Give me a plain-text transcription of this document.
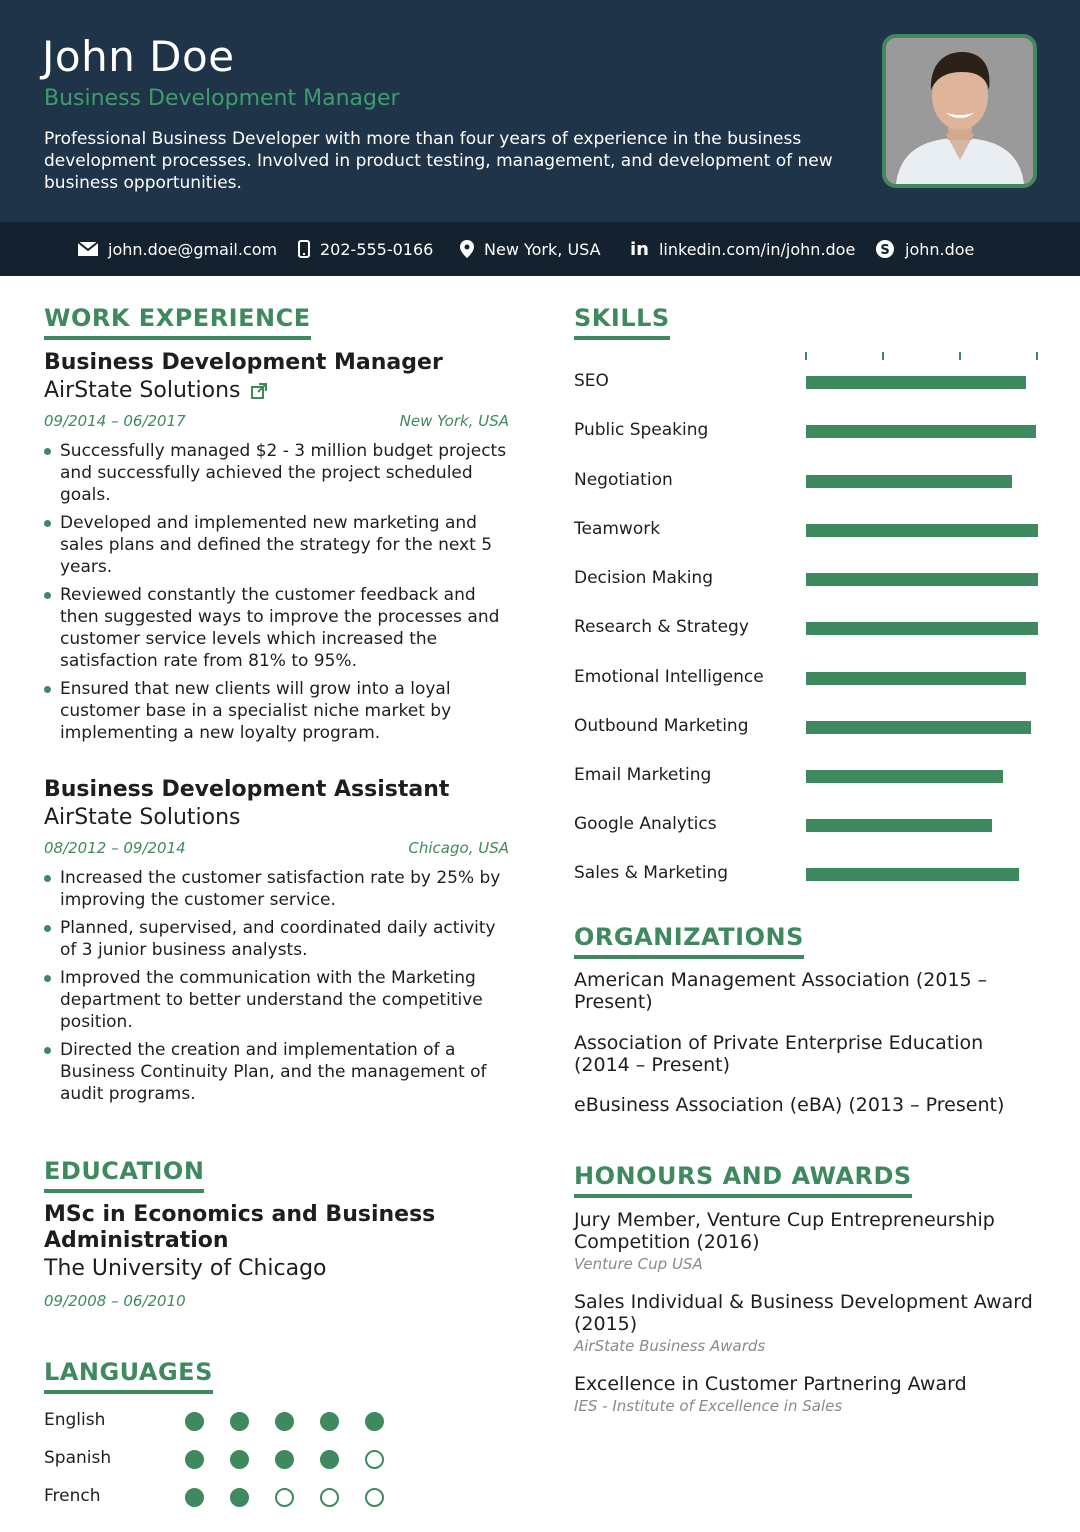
John Doe
Business Development Manager
Professional Business Developer with more than four years of experience in the business development processes. Involved in product testing, management, and development of new business opportunities.
john.doe@gmail.com	202-555-0166	New York, USA in linkedin.com/in/john.doe S john.doe
WORK EXPERIENCE
Business Development Manager
AirState Solutions
09/2014 – 06/2017	New York, USA
Successfully managed $2 - 3 million budget projects and successfully achieved the project scheduled goals.
Developed and implemented new marketing and sales plans and defined the strategy for the next 5 years.
Reviewed constantly the customer feedback and then suggested ways to improve the processes and customer service levels which increased the satisfaction rate from 81% to 95%.
Ensured that new clients will grow into a loyal customer base in a specialist niche market by implementing a new loyalty program.
Business Development Assistant
AirState Solutions
08/2012 – 09/2014	Chicago, USA
Increased the customer satisfaction rate by 25% by improving the customer service.
Planned, supervised, and coordinated daily activity of 3 junior business analysts.
Improved the communication with the Marketing department to better understand the competitive position.
Directed the creation and implementation of a Business Continuity Plan, and the management of audit programs.
EDUCATION
MSc in Economics and Business Administration
The University of Chicago
09/2008 – 06/2010
LANGUAGES
English
Spanish
French
SKILLS
SEO
Public Speaking
Negotiation
Teamwork
Decision Making
Research & Strategy
Emotional Intelligence
Outbound Marketing
Email Marketing
Google Analytics
Sales & Marketing
ORGANIZATIONS
American Management Association (2015 – Present)
Association of Private Enterprise Education (2014 – Present)
eBusiness Association (eBA) (2013 – Present)
HONOURS AND AWARDS
Jury Member, Venture Cup Entrepreneurship Competition (2016)
Venture Cup USA
Sales Individual & Business Development Award (2015)
AirState Business Awards
Excellence in Customer Partnering Award
IES - Institute of Excellence in Sales
